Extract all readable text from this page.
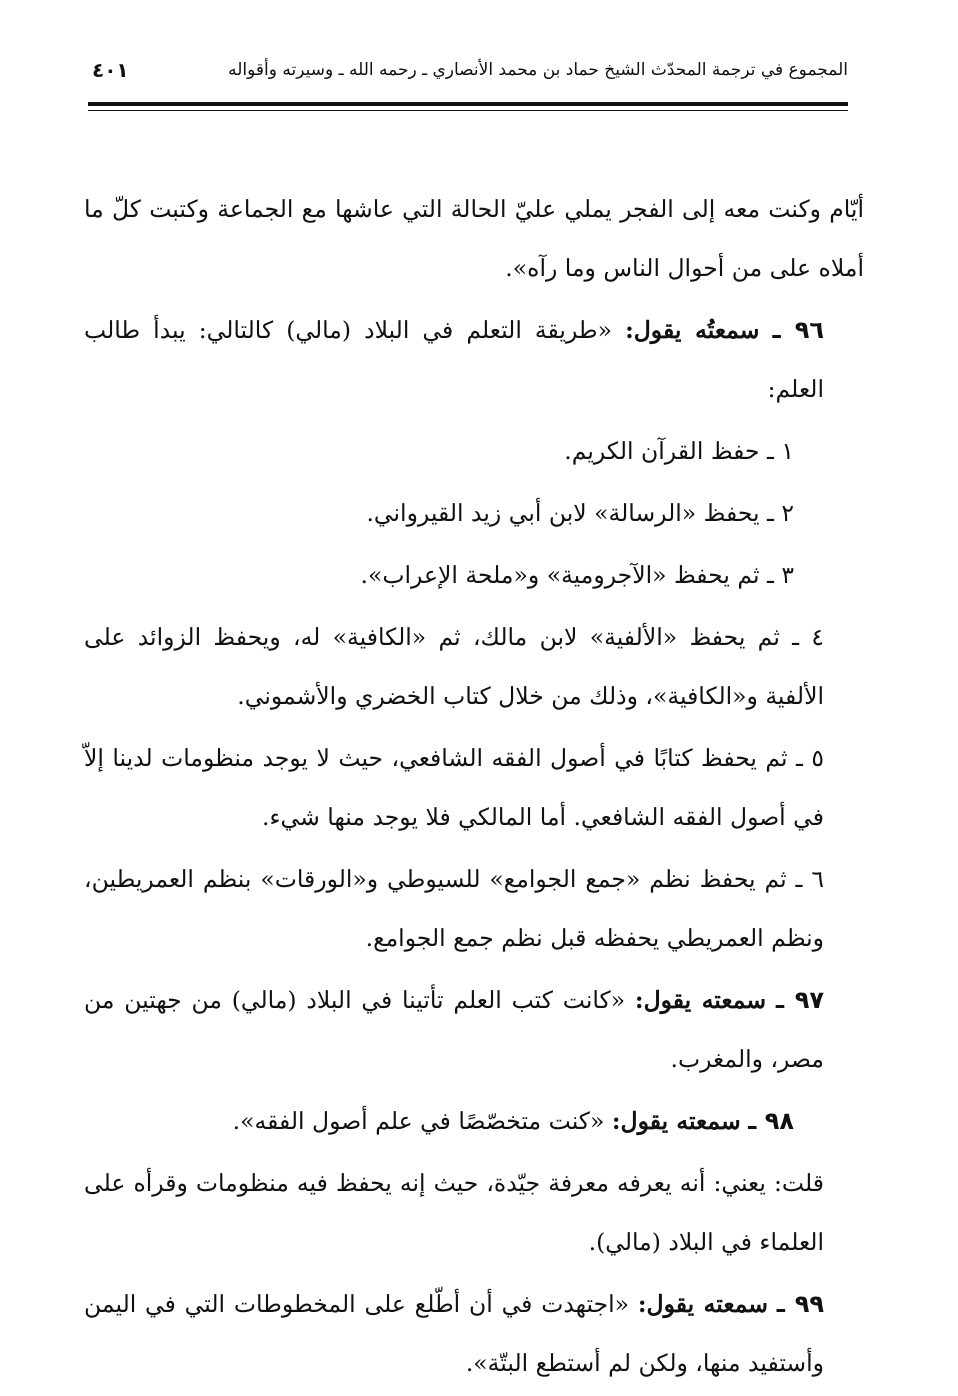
٤٠١	المجموع في ترجمة المحدّث الشيخ حماد بن محمد الأنصاري ـ رحمه الله ـ وسيرته وأقواله

أيّام وكنت معه إلى الفجر يملي عليّ الحالة التي عاشها مع الجماعة وكتبت كلّ ما أملاه على من أحوال الناس وما رآه».

٩٦ ـ سمعتُه يقول: «طريقة التعلم في البلاد (مالي) كالتالي: يبدأ طالب العلم:

١ ـ حفظ القرآن الكريم.

٢ ـ يحفظ «الرسالة» لابن أبي زيد القيرواني.

٣ ـ ثم يحفظ «الآجرومية» و«ملحة الإعراب».

٤ ـ ثم يحفظ «الألفية» لابن مالك، ثم «الكافية» له، ويحفظ الزوائد على الألفية و«الكافية»، وذلك من خلال كتاب الخضري والأشموني.

٥ ـ ثم يحفظ كتابًا في أصول الفقه الشافعي، حيث لا يوجد منظومات لدينا إلاّ في أصول الفقه الشافعي. أما المالكي فلا يوجد منها شيء.

٦ ـ ثم يحفظ نظم «جمع الجوامع» للسيوطي و«الورقات» بنظم العمريطين، ونظم العمريطي يحفظه قبل نظم جمع الجوامع.

٩٧ ـ سمعته يقول: «كانت كتب العلم تأتينا في البلاد (مالي) من جهتين من مصر، والمغرب.

٩٨ ـ سمعته يقول: «كنت متخصّصًا في علم أصول الفقه».

قلت: يعني: أنه يعرفه معرفة جيّدة، حيث إنه يحفظ فيه منظومات وقرأه على العلماء في البلاد (مالي).

٩٩ ـ سمعته يقول: «اجتهدت في أن أطّلع على المخطوطات التي في اليمن وأستفيد منها، ولكن لم أستطع البتّة».
